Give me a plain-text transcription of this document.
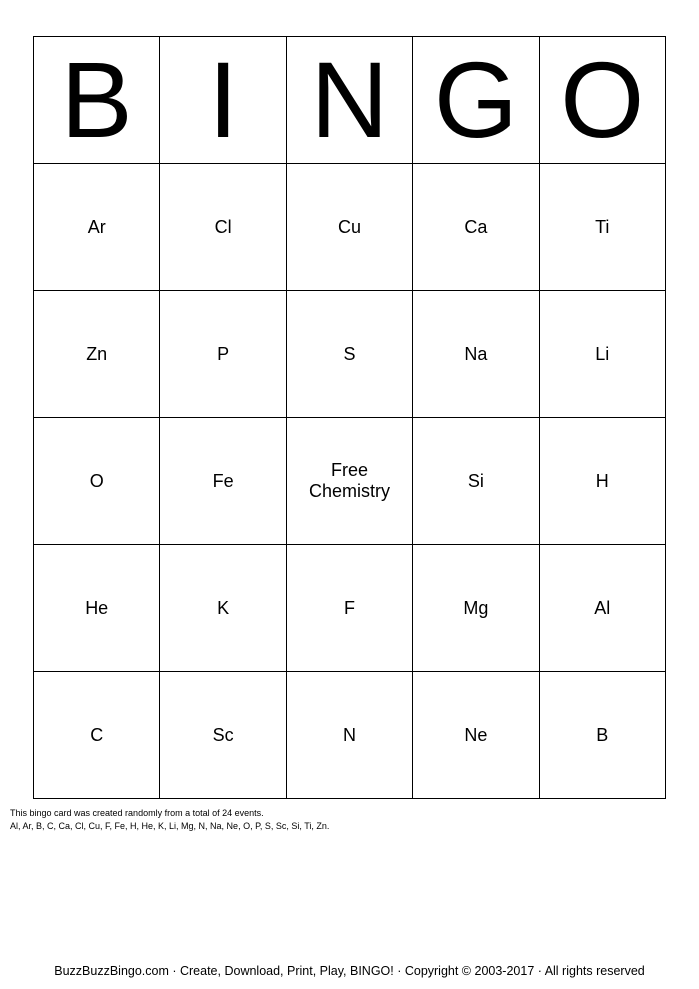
B	I	N	G	O
Ar	Cl	Cu	Ca	Ti
Zn	P	S	Na	Li
O	Fe	Free Chemistry	Si	H
He	K	F	Mg	Al
C	Sc	N	Ne	B
This bingo card was created randomly from a total of 24 events.
Al, Ar, B, C, Ca, Cl, Cu, F, Fe, H, He, K, Li, Mg, N, Na, Ne, O, P, S, Sc, Si, Ti, Zn.
BuzzBuzzBingo.com · Create, Download, Print, Play, BINGO! · Copyright © 2003-2017 · All rights reserved
